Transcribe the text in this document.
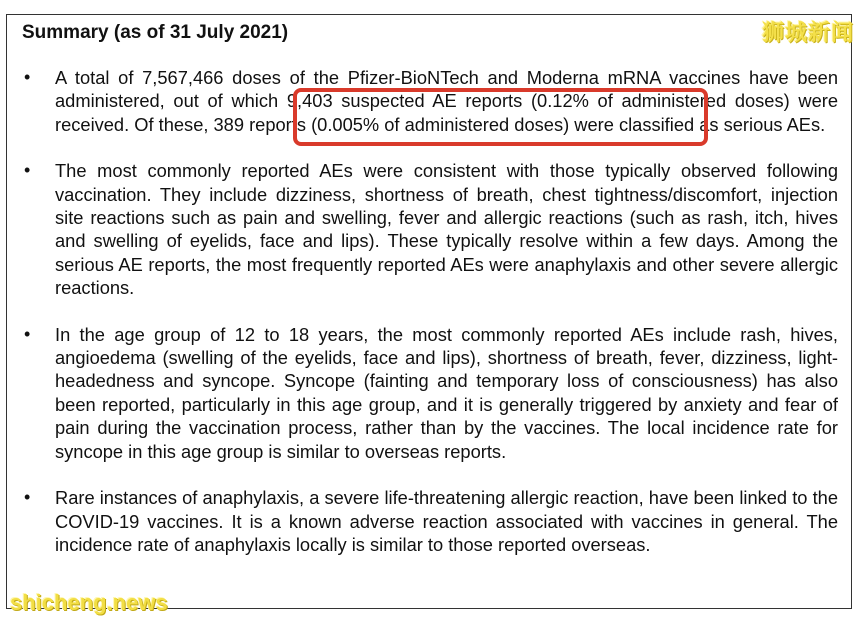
Summary (as of 31 July 2021)
•	A total of 7,567,466 doses of the Pfizer-BioNTech and Moderna mRNA vaccines have been administered, out of which 9,403 suspected AE reports (0.12% of administered doses) were received. Of these, 389 reports (0.005% of administered doses) were classified as serious AEs.
•	The most commonly reported AEs were consistent with those typically observed following vaccination. They include dizziness, shortness of breath, chest tightness/discomfort, injection site reactions such as pain and swelling, fever and allergic reactions (such as rash, itch, hives and swelling of eyelids, face and lips). These typically resolve within a few days. Among the serious AE reports, the most frequently reported AEs were anaphylaxis and other severe allergic reactions.
•	In the age group of 12 to 18 years, the most commonly reported AEs include rash, hives, angioedema (swelling of the eyelids, face and lips), shortness of breath, fever, dizziness, light-headedness and syncope. Syncope (fainting and temporary loss of consciousness) has also been reported, particularly in this age group, and it is generally triggered by anxiety and fear of pain during the vaccination process, rather than by the vaccines. The local incidence rate for syncope in this age group is similar to overseas reports.
•	Rare instances of anaphylaxis, a severe life-threatening allergic reaction, have been linked to the COVID-19 vaccines. It is a known adverse reaction associated with vaccines in general. The incidence rate of anaphylaxis locally is similar to those reported overseas.
狮城新闻
shicheng.news
